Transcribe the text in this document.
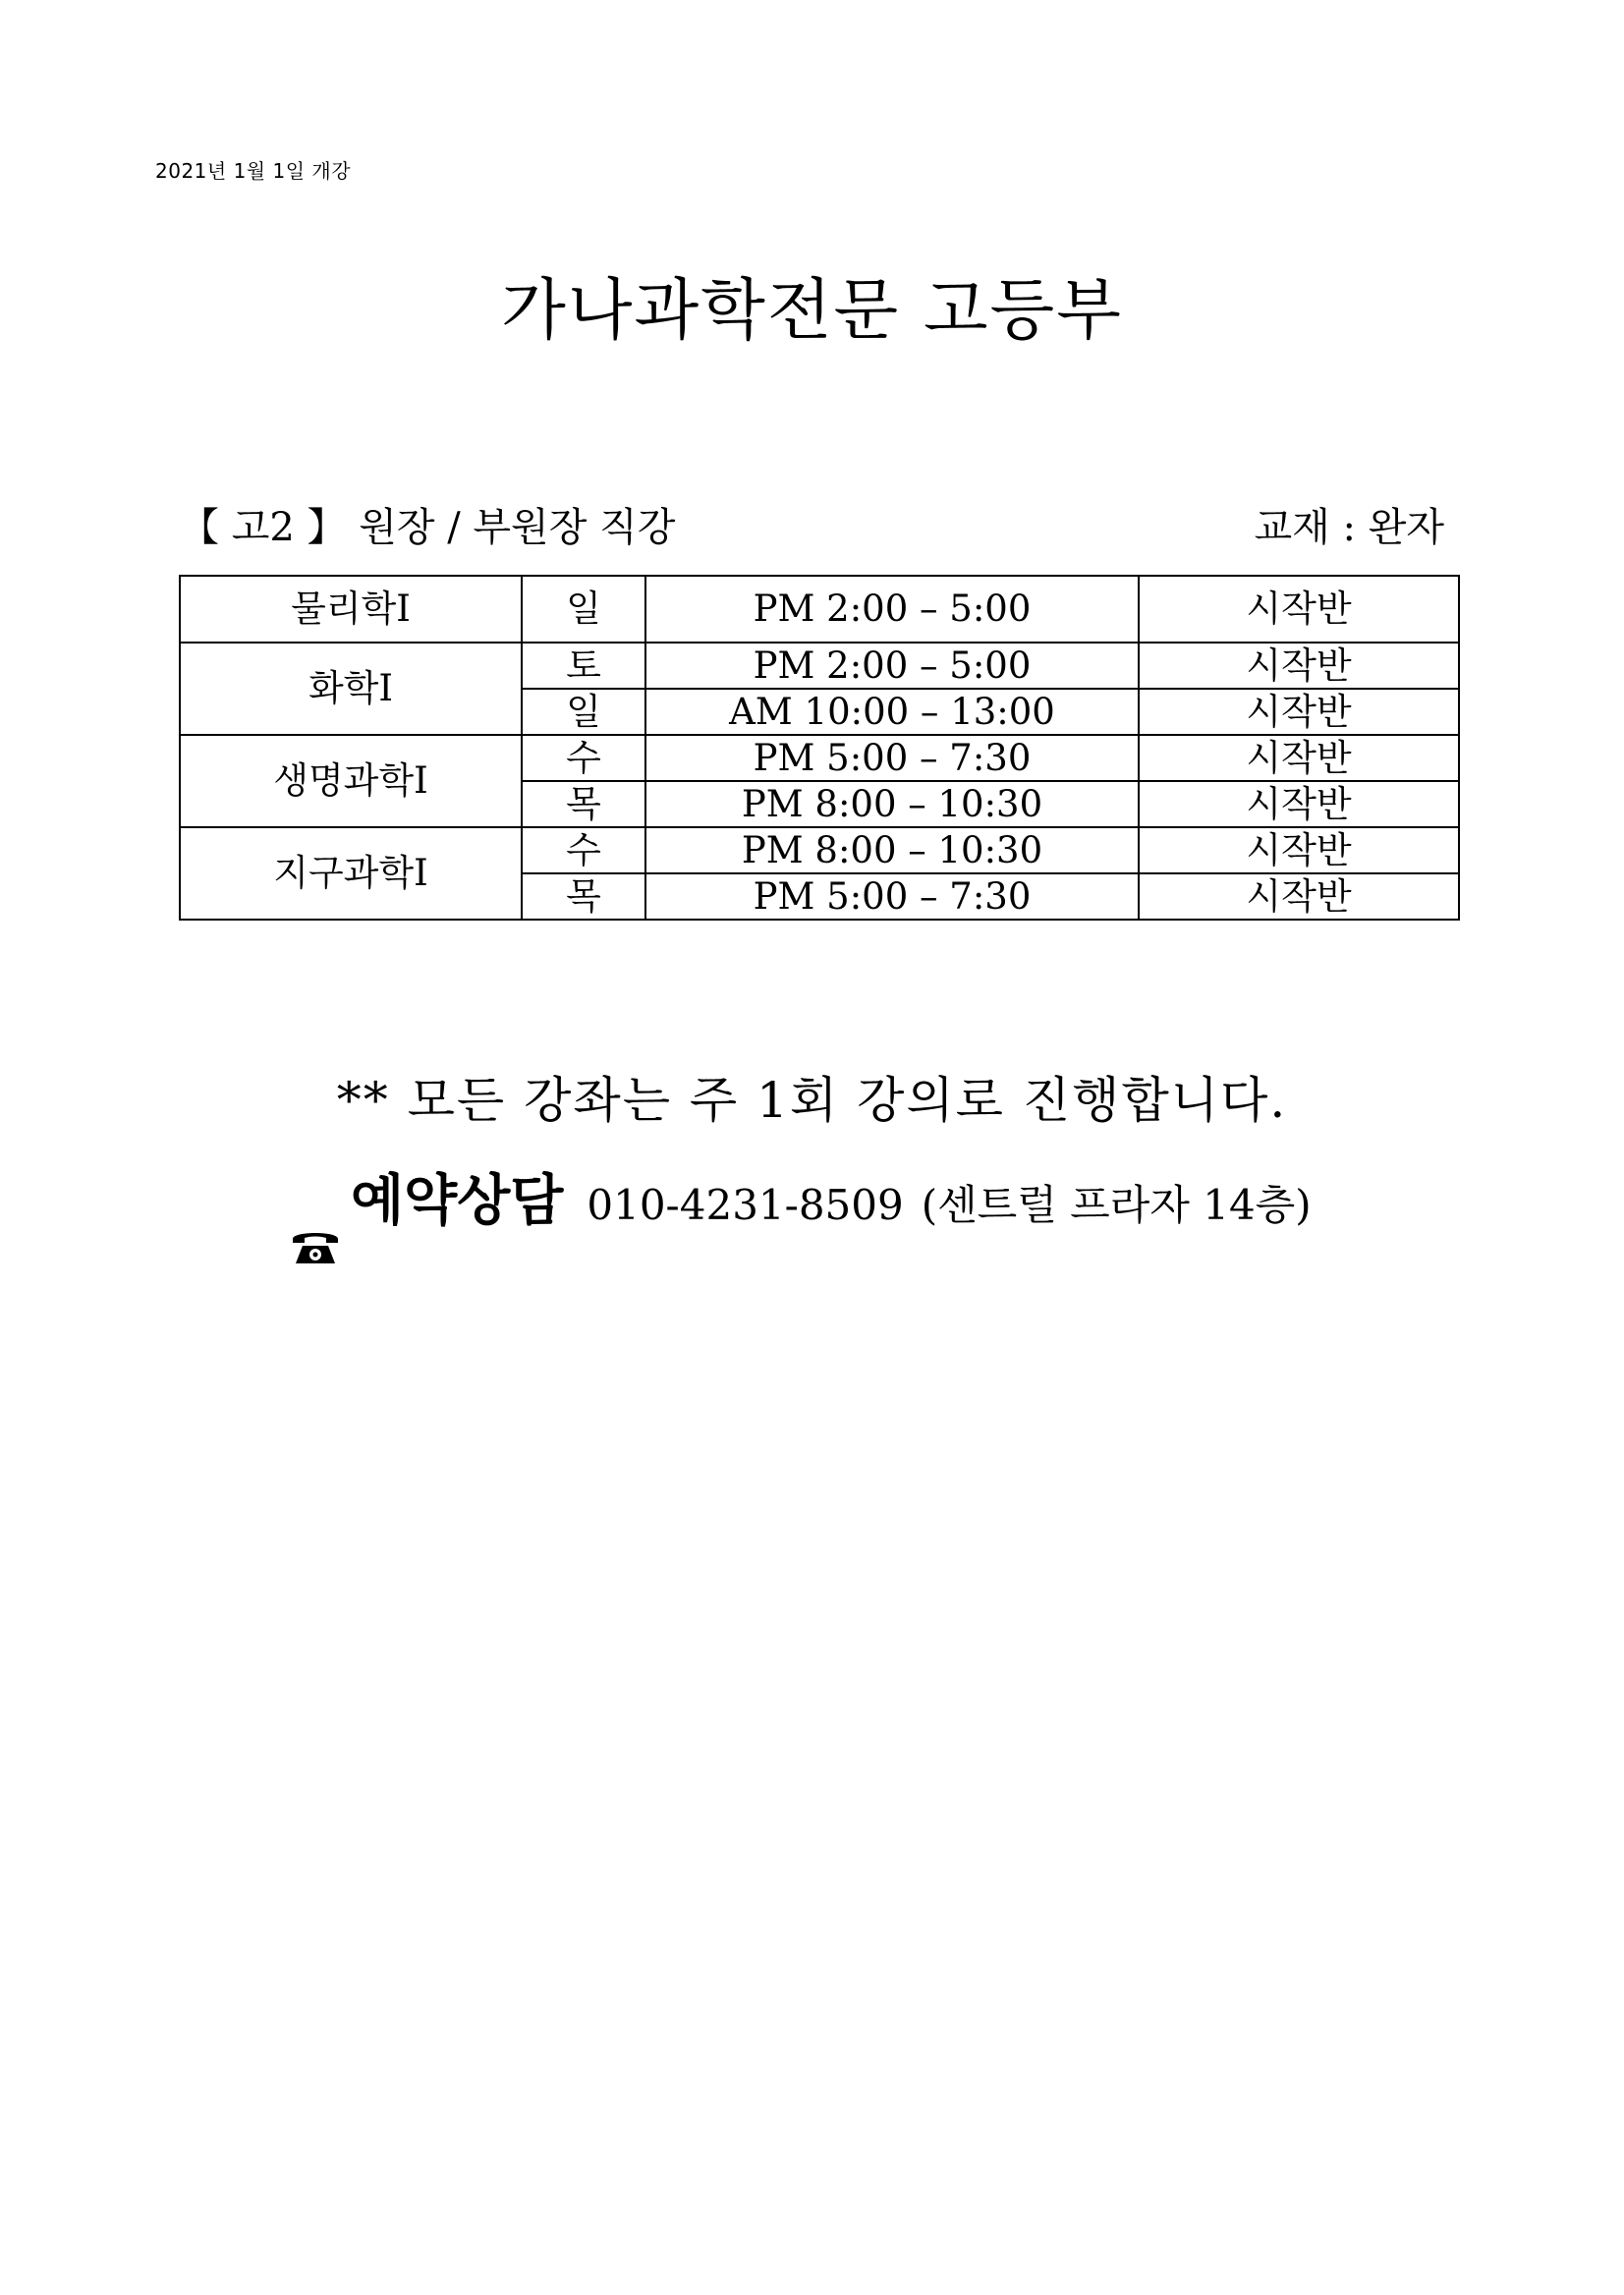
2021년 1월 1일 개강
가나과학전문 고등부
【 고2 】 원장 / 부원장 직강	교재 : 완자
물리학Ⅰ	일	PM 2:00 – 5:00	시작반
화학Ⅰ	토	PM 2:00 – 5:00	시작반
	일	AM 10:00 – 13:00	시작반
생명과학Ⅰ	수	PM 5:00 – 7:30	시작반
	목	PM 8:00 – 10:30	시작반
지구과학Ⅰ	수	PM 8:00 – 10:30	시작반
	목	PM 5:00 – 7:30	시작반
** 모든 강좌는 주 1회 강의로 진행합니다.

예약상담 010-4231-8509 (센트럴 프라자 14층)
